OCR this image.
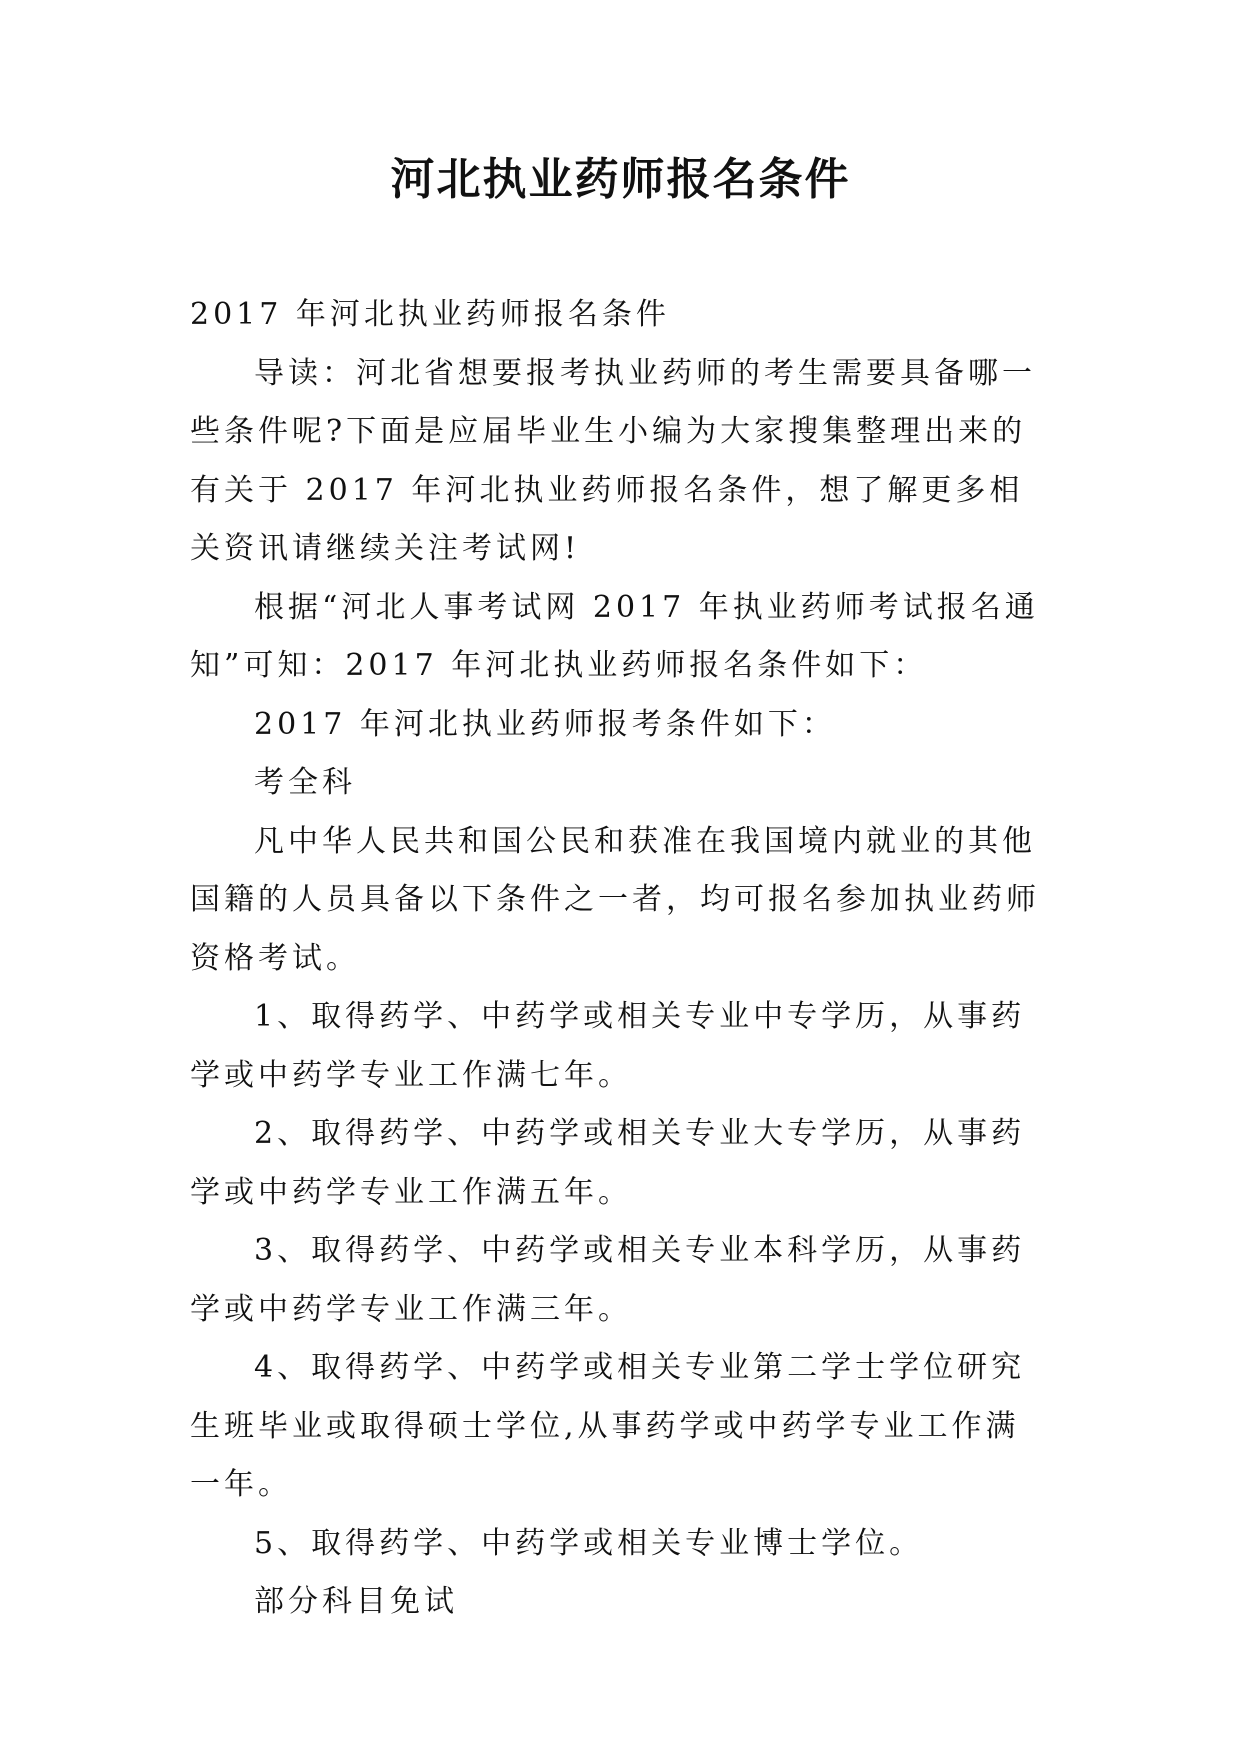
河北执业药师报名条件

2017 年河北执业药师报名条件

导读：河北省想要报考执业药师的考生需要具备哪一些条件呢?下面是应届毕业生小编为大家搜集整理出来的有关于 2017 年河北执业药师报名条件，想了解更多相关资讯请继续关注考试网!

根据“河北人事考试网 2017 年执业药师考试报名通知”可知：2017 年河北执业药师报名条件如下：

2017 年河北执业药师报考条件如下：

考全科

凡中华人民共和国公民和获准在我国境内就业的其他国籍的人员具备以下条件之一者，均可报名参加执业药师资格考试。

1、取得药学、中药学或相关专业中专学历，从事药学或中药学专业工作满七年。

2、取得药学、中药学或相关专业大专学历，从事药学或中药学专业工作满五年。

3、取得药学、中药学或相关专业本科学历，从事药学或中药学专业工作满三年。

4、取得药学、中药学或相关专业第二学士学位研究生班毕业或取得硕士学位,从事药学或中药学专业工作满一年。

5、取得药学、中药学或相关专业博士学位。

部分科目免试
